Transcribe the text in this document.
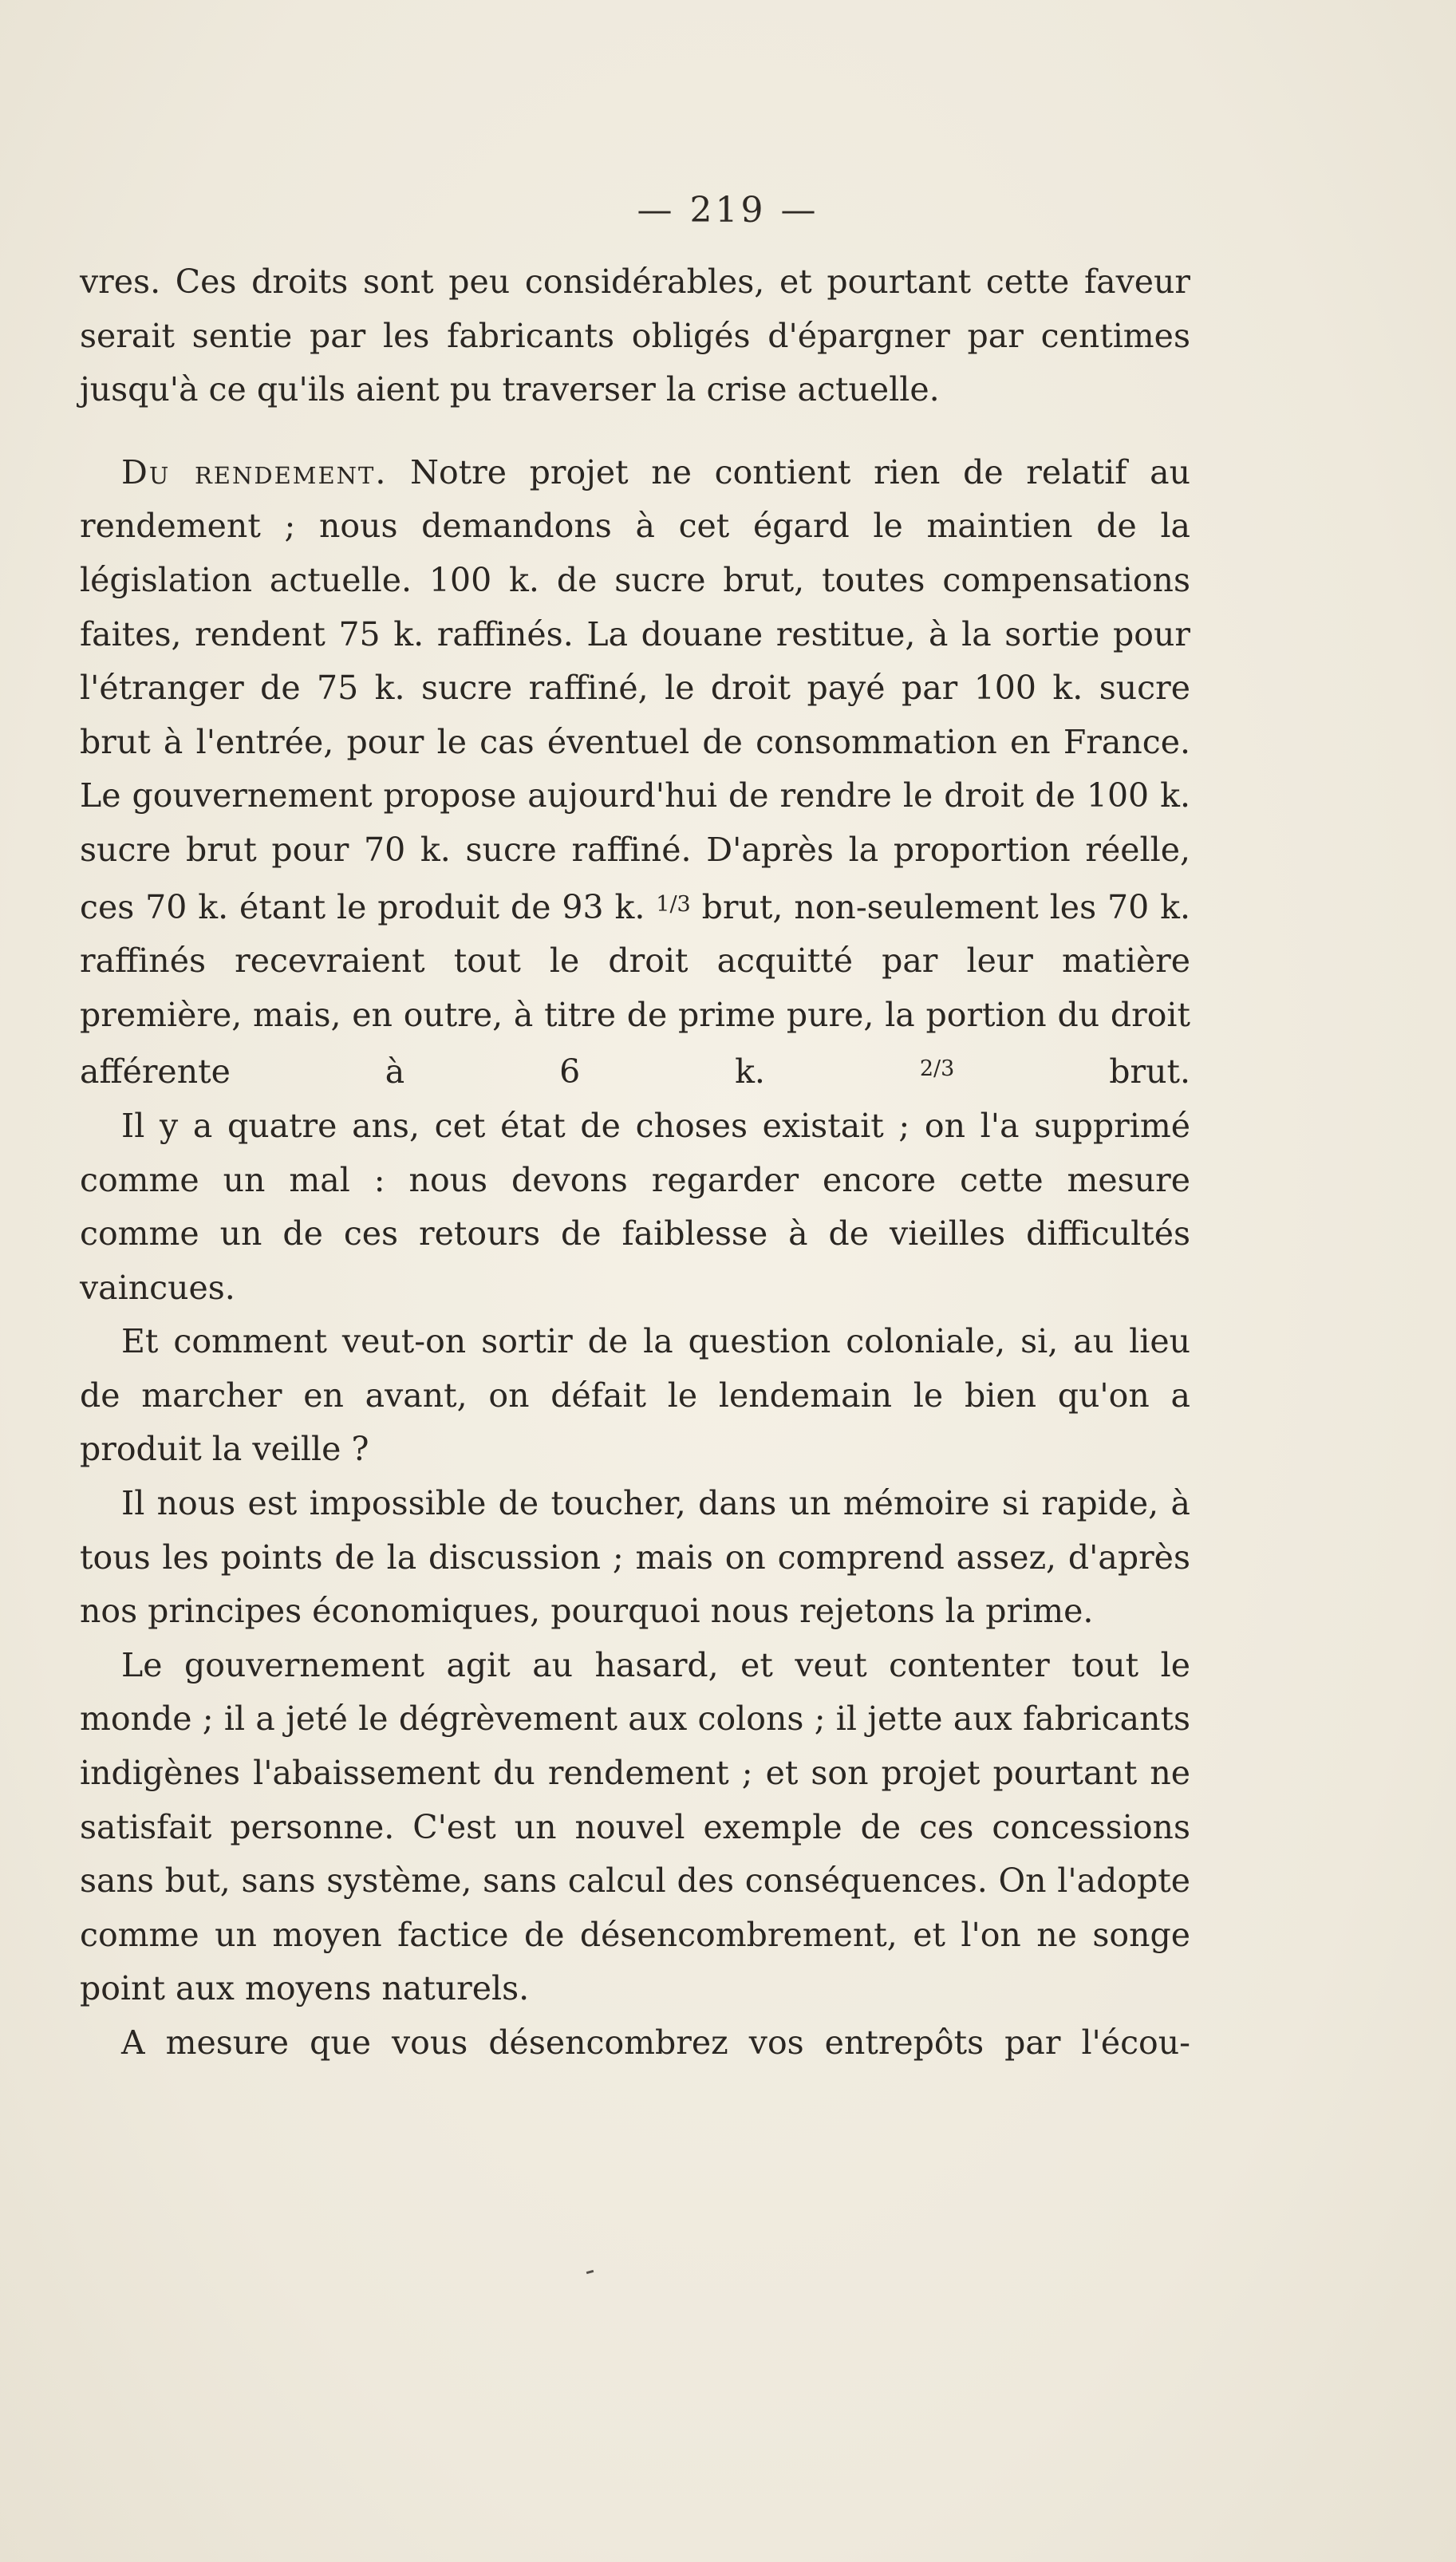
— 219 —

vres. Ces droits sont peu considérables, et pourtant cette faveur serait sentie par les fabricants obligés d'épargner par centimes jusqu'à ce qu'ils aient pu traverser la crise actuelle.

Du rendement. Notre projet ne contient rien de relatif au rendement ; nous demandons à cet égard le maintien de la législation actuelle. 100 k. de sucre brut, toutes compensations faites, rendent 75 k. raffinés. La douane restitue, à la sortie pour l'étranger de 75 k. sucre raffiné, le droit payé par 100 k. sucre brut à l'entrée, pour le cas éventuel de consommation en France. Le gouvernement propose aujourd'hui de rendre le droit de 100 k. sucre brut pour 70 k. sucre raffiné. D'après la proportion réelle, ces 70 k. étant le produit de 93 k. $^{1/3}$ brut, non-seulement les 70 k. raffinés recevraient tout le droit acquitté par leur matière première, mais, en outre, à titre de prime pure, la portion du droit afférente à 6 k.	$^{2/3}$	brut.

Il y a quatre ans, cet état de choses existait ; on l'a supprimé comme un mal : nous devons regarder encore cette mesure comme un de ces retours de faiblesse à de vieilles difficultés vaincues.

Et comment veut-on sortir de la question coloniale, si, au lieu de marcher en avant, on défait le lendemain le bien qu'on a produit la veille ?

Il nous est impossible de toucher, dans un mémoire si rapide, à tous les points de la discussion ; mais on comprend assez, d'après nos principes économiques, pourquoi nous rejetons la prime.

Le gouvernement agit au hasard, et veut contenter tout le monde ; il a jeté le dégrèvement aux colons ; il jette aux fabricants indigènes l'abaissement du rendement ; et son projet pourtant ne satisfait personne. C'est un nouvel exemple de ces concessions sans but, sans système, sans calcul des conséquences. On l'adopte comme un moyen factice de désencombrement, et l'on ne songe point aux moyens naturels.

A mesure que vous désencombrez vos entrepôts par l'écou-
